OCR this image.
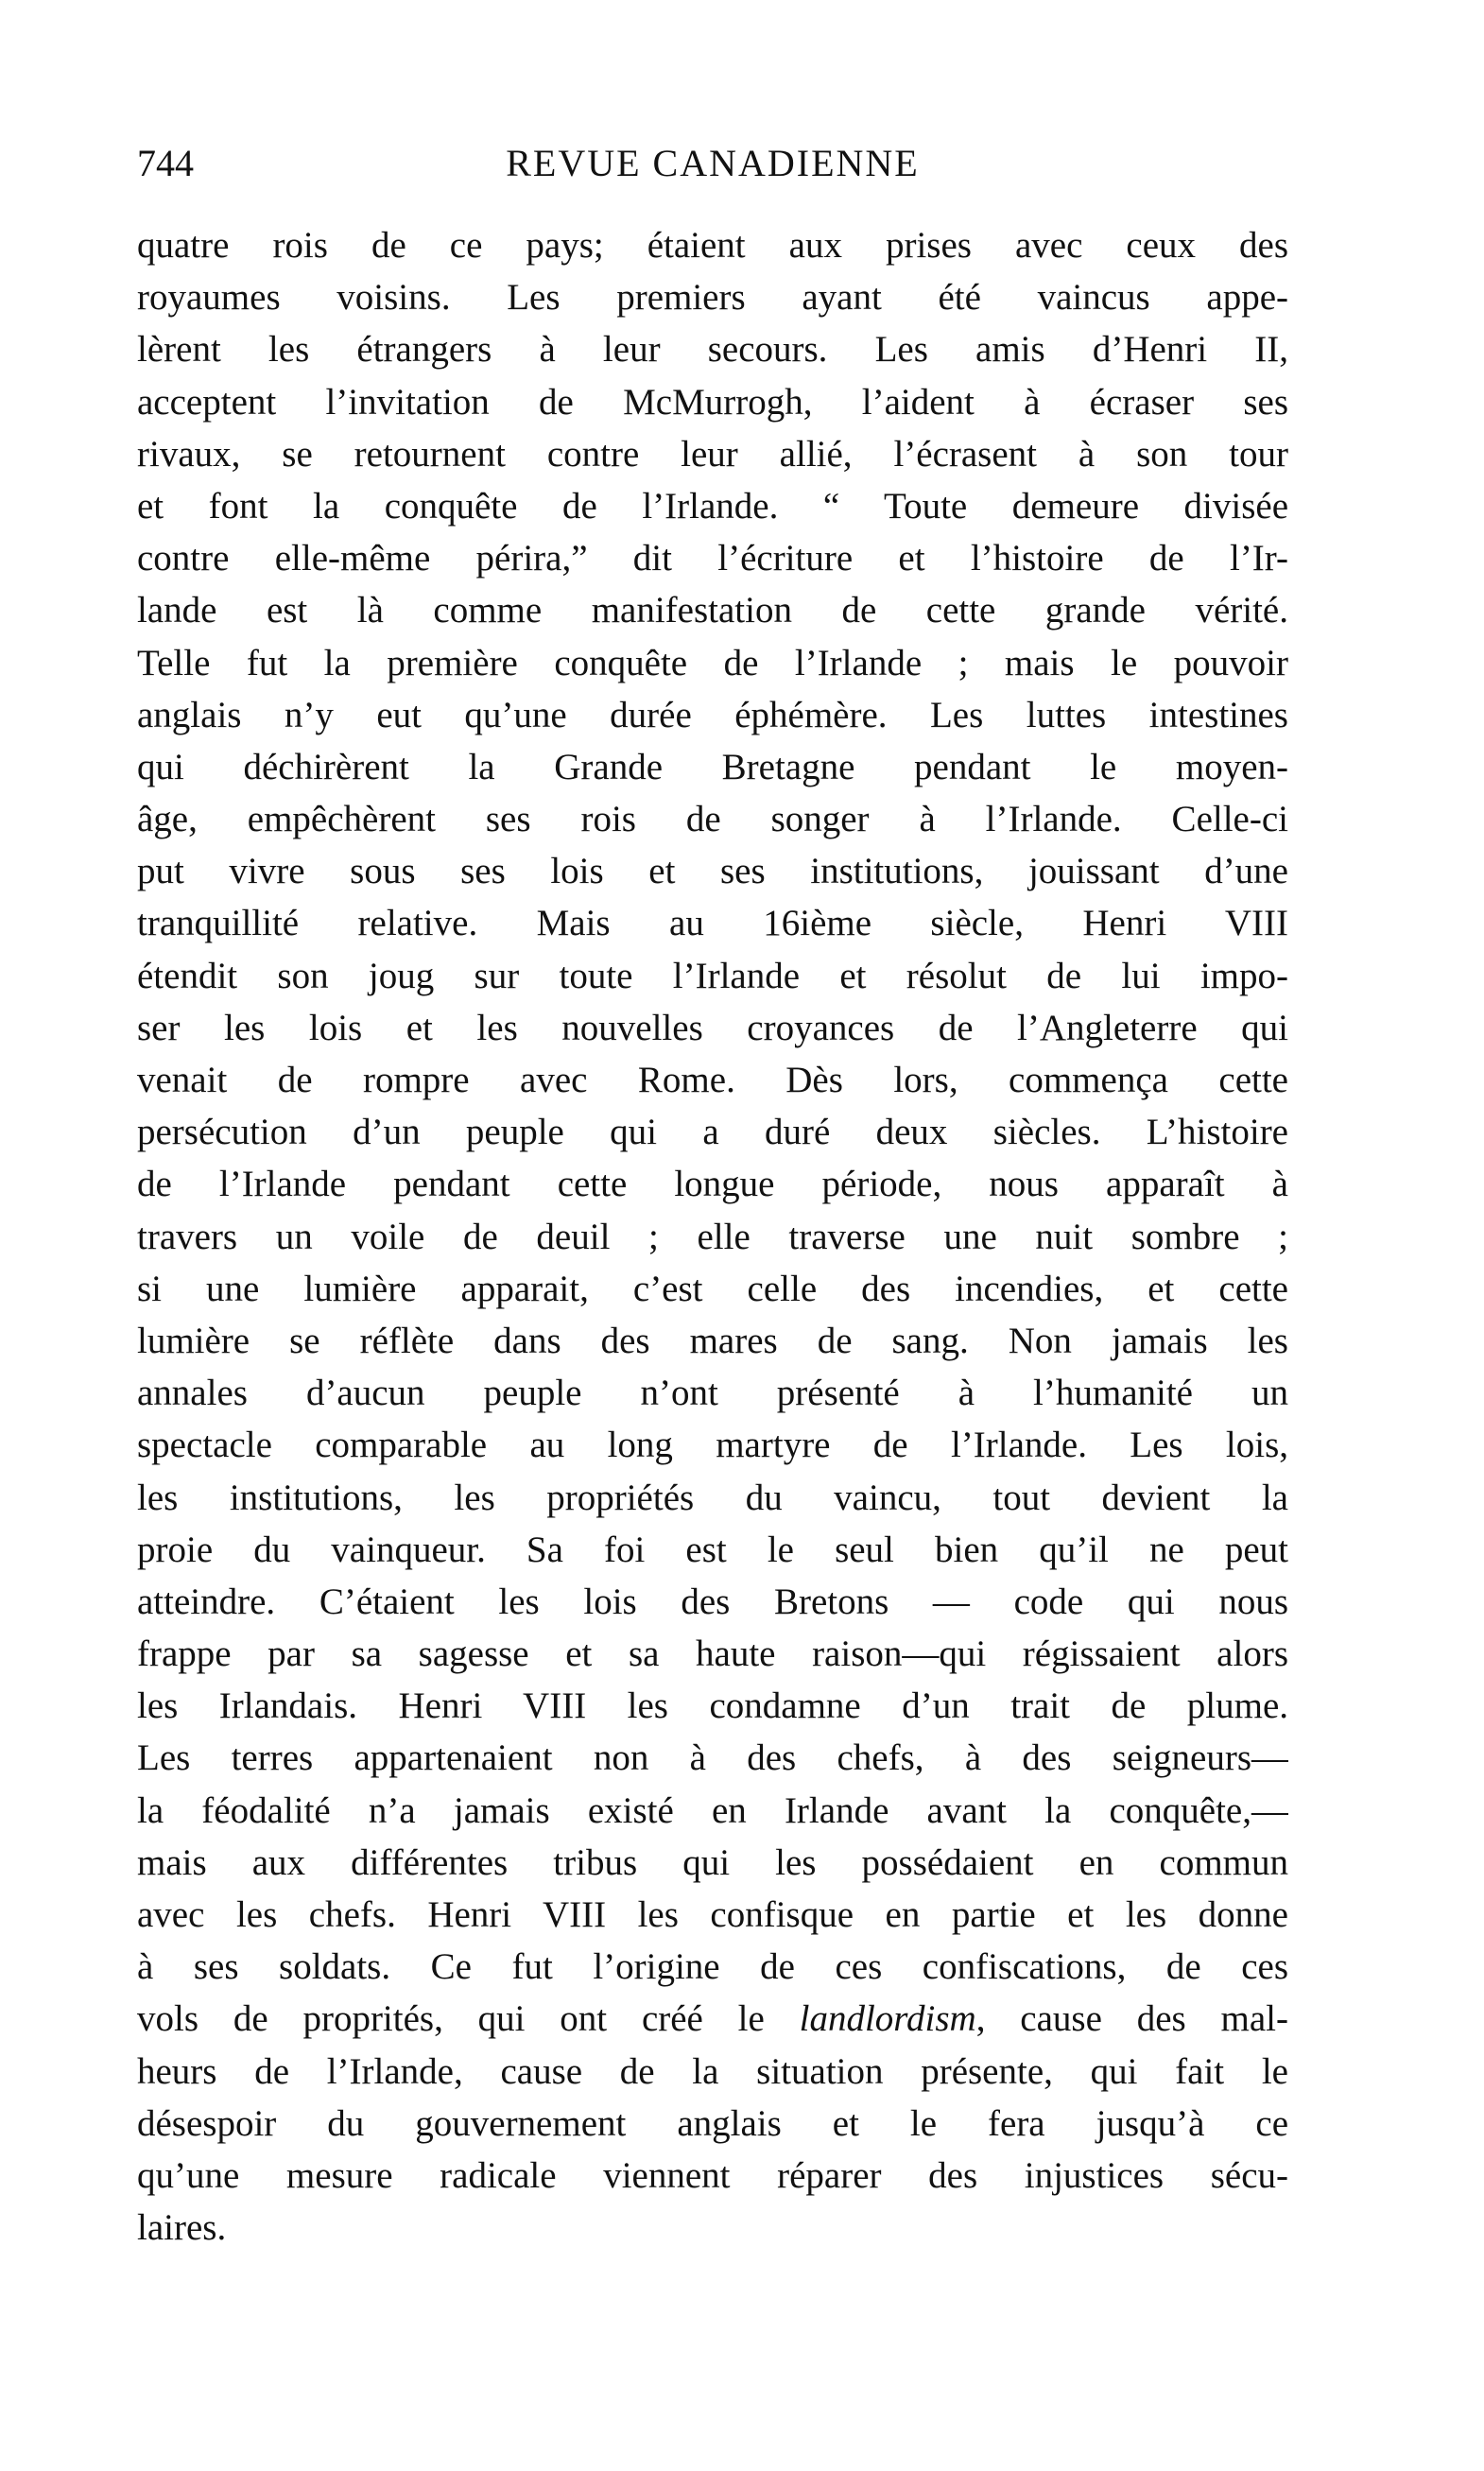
744	REVUE CANADIENNE
quatre rois de ce pays; étaient aux prises avec ceux des
royaumes voisins. Les premiers ayant été vaincus appe-
lèrent les étrangers à leur secours. Les amis d’Henri II,
acceptent l’invitation de McMurrogh, l’aident à écraser ses
rivaux, se retournent contre leur allié, l’écrasent à son tour
et font la conquête de l’Irlande. “ Toute demeure divisée
contre elle-même périra,” dit l’écriture et l’histoire de l’Ir-
lande est là comme manifestation de cette grande vérité.
Telle fut la première conquête de l’Irlande ; mais le pouvoir
anglais n’y eut qu’une durée éphémère. Les luttes intestines
qui déchirèrent la Grande Bretagne pendant le moyen-
âge, empêchèrent ses rois de songer à l’Irlande. Celle-ci
put vivre sous ses lois et ses institutions, jouissant d’une
tranquillité relative. Mais au 16ième siècle, Henri VIII
étendit son joug sur toute l’Irlande et résolut de lui impo-
ser les lois et les nouvelles croyances de l’Angleterre qui
venait de rompre avec Rome. Dès lors, commença cette
persécution d’un peuple qui a duré deux siècles. L’histoire
de l’Irlande pendant cette longue période, nous apparaît à
travers un voile de deuil ; elle traverse une nuit sombre ;
si une lumière apparait, c’est celle des incendies, et cette
lumière se réflète dans des mares de sang. Non jamais les
annales d’aucun peuple n’ont présenté à l’humanité un
spectacle comparable au long martyre de l’Irlande. Les lois,
les institutions, les propriétés du vaincu, tout devient la
proie du vainqueur. Sa foi est le seul bien qu’il ne peut
atteindre. C’étaient les lois des Bretons — code qui nous
frappe par sa sagesse et sa haute raison—qui régissaient alors
les Irlandais. Henri VIII les condamne d’un trait de plume.
Les terres appartenaient non à des chefs, à des seigneurs—
la féodalité n’a jamais existé en Irlande avant la conquête,—
mais aux différentes tribus qui les possédaient en commun
avec les chefs. Henri VIII les confisque en partie et les donne
à ses soldats. Ce fut l’origine de ces confiscations, de ces
vols de proprités, qui ont créé le landlordism, cause des mal-
heurs de l’Irlande, cause de la situation présente, qui fait le
désespoir du gouvernement anglais et le fera jusqu’à ce
qu’une mesure radicale viennent réparer des injustices sécu-
laires.
